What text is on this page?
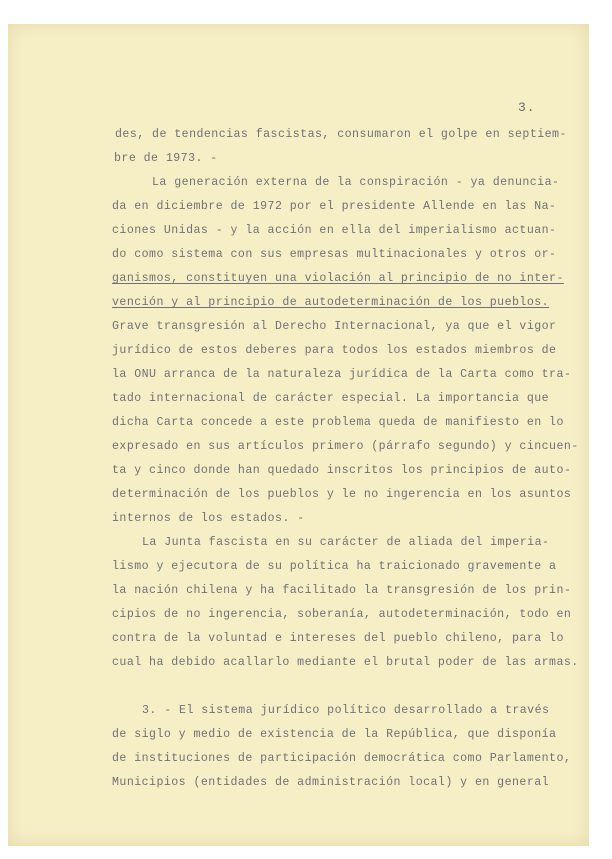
3.
des, de tendencias fascistas, consumaron el golpe en septiem-
bre de 1973. -
La generación externa de la conspiración - ya denuncia-
da en diciembre de 1972 por el presidente Allende en las Na-
ciones Unidas - y la acción en ella del imperialismo actuan-
do como sistema con sus empresas multinacionales y otros or-
ganismos, constituyen una violación al principio de no inter-
vención y al principio de autodeterminación de los pueblos.
Grave transgresión al Derecho Internacional, ya que el vigor
jurídico de estos deberes para todos los estados miembros de
la ONU arranca de la naturaleza jurídica de la Carta como tra-
tado internacional de carácter especial. La importancia que
dicha Carta concede a este problema queda de manifiesto en lo
expresado en sus artículos primero (párrafo segundo) y cincuen-
ta y cinco donde han quedado inscritos los principios de auto-
determinación de los pueblos y le no ingerencia en los asuntos
internos de los estados. -
La Junta fascista en su carácter de aliada del imperia-
lismo y ejecutora de su política ha traicionado gravemente a
la nación chilena y ha facilitado la transgresión de los prin-
cipios de no ingerencia, soberanía, autodeterminación, todo en
contra de la voluntad e intereses del pueblo chileno, para lo
cual ha debido acallarlo mediante el brutal poder de las armas.
3. - El sistema jurídico político desarrollado a través
de siglo y medio de existencia de la República, que disponía
de instituciones de participación democrática como Parlamento,
Municipios (entidades de administración local) y en general
